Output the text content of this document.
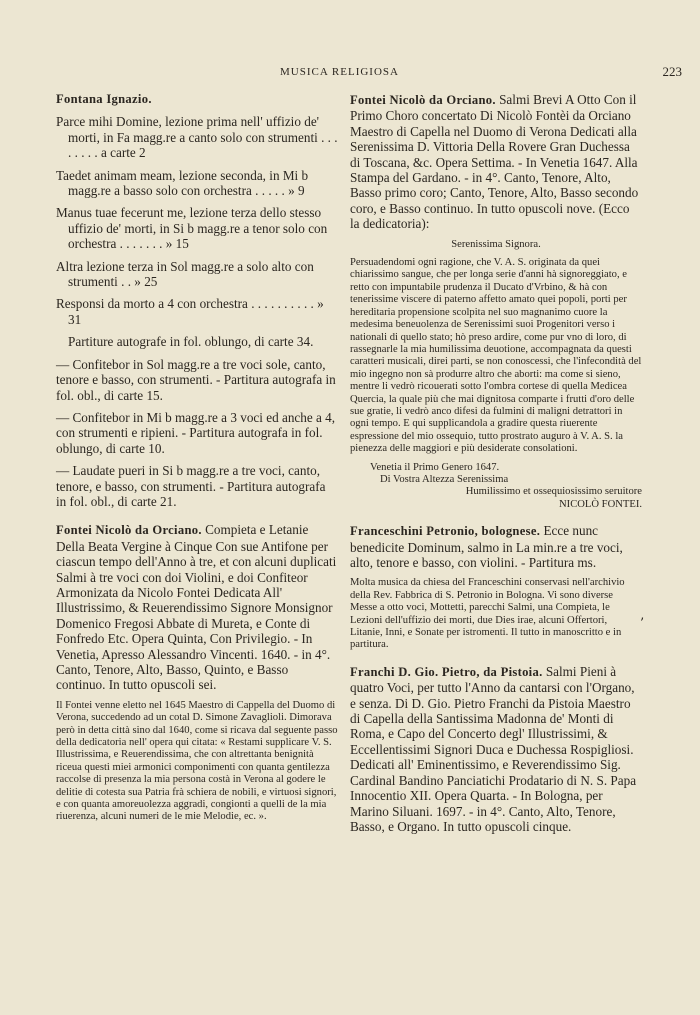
MUSICA RELIGIOSA	223
Fontana Ignazio.
Parce mihi Domine, lezione prima nell' uffizio de' morti, in Fa magg.re a canto solo con strumenti . . . . . . . . a carte 2
Taedet animam meam, lezione seconda, in Mi b magg.re a basso solo con orchestra . . . . . » 9
Manus tuae fecerunt me, lezione terza dello stesso uffizio de' morti, in Si b magg.re a tenor solo con orchestra . . . . . . . » 15
Altra lezione terza in Sol magg.re a solo alto con strumenti . . » 25
Responsi da morto a 4 con orchestra . . . . . . . . . . » 31
Partiture autografe in fol. oblungo, di carte 34.
— Confitebor in Sol magg.re a tre voci sole, canto, tenore e basso, con strumenti. - Partitura autografa in fol. obl., di carte 15.
— Confitebor in Mi b magg.re a 3 voci ed anche a 4, con strumenti e ripieni. - Partitura autografa in fol. oblungo, di carte 10.
— Laudate pueri in Si b magg.re a tre voci, canto, tenore, e basso, con strumenti. - Partitura autografa in fol. obl., di carte 21.
Fontei Nicolò da Orciano. Compieta e Letanie Della Beata Vergine à Cinque Con sue Antifone per ciascun tempo dell'Anno à tre, et con alcuni duplicati Salmi à tre voci con doi Violini, e doi Confiteor Armonizata da Nicolo Fontei Dedicata All' Illustrissimo, & Reuerendissimo Signore Monsignor Domenico Fregosi Abbate di Mureta, e Conte di Fonfredo Etc. Opera Quinta, Con Privilegio. - In Venetia, Apresso Alessandro Vincenti. 1640. - in 4°. Canto, Tenore, Alto, Basso, Quinto, e Basso continuo. In tutto opuscoli sei.
Il Fontei venne eletto nel 1645 Maestro di Cappella del Duomo di Verona, succedendo ad un cotal D. Simone Zavaglioli. Dimorava però in detta città sino dal 1640, come si ricava dal seguente passo della dedicatoria nell' opera qui citata: « Restami supplicare V. S. Illustrissima, e Reuerendissima, che con altrettanta benignità riceua questi miei armonici componimenti con quanta gentilezza raccolse di presenza la mia persona costà in Verona al godere le delitie di cotesta sua Patria frà schiera de nobili, e virtuosi signori, e con quanta amoreuolezza aggradi, congionti a quelli de la mia riuerenza, alcuni numeri de le mie Melodie, ec. ».
Fontei Nicolò da Orciano. Salmi Brevi A Otto Con il Primo Choro concertato Di Nicolò Fontèi da Orciano Maestro di Capella nel Duomo di Verona Dedicati alla Serenissima D. Vittoria Della Rovere Gran Duchessa di Toscana, &c. Opera Settima. - In Venetia 1647. Alla Stampa del Gardano. - in 4°. Canto, Tenore, Alto, Basso primo coro; Canto, Tenore, Alto, Basso secondo coro, e Basso continuo. In tutto opuscoli nove. (Ecco la dedicatoria):
Serenissima Signora.
Persuadendomi ogni ragione, che V. A. S. originata da quei chiarissimo sangue, che per longa serie d'anni hà signoreggiato, e retto con impuntabile prudenza il Ducato d'Vrbino, & hà con tenerissime viscere di paterno affetto amato quei popoli, porti per hereditaria propensione scolpita nel suo magnanimo cuore la medesima beneuolenza de Serenissimi suoi Progenitori verso i nationali di quello stato; hò preso ardire, come pur vno di loro, di rassegnarle la mia humilissima deuotione, accompagnata da questi caratteri musicali, direi parti, se non conoscessi, che l'infecondità del mio ingegno non sà produrre altro che aborti: ma come si sieno, mentre li vedrò ricouerati sotto l'ombra cortese di quella Medicea Quercia, la quale più che mai dignitosa comparte i frutti d'oro delle sue gratie, li vedrò anco difesi da fulmini di maligni detrattori in ogni tempo. E qui supplicandola a gradire questa riuerente espressione del mio ossequio, tutto prostrato auguro à V. A. S. la pienezza delle maggiori e più desiderate consolationi.
Venetia il Primo Genero 1647.
Di Vostra Altezza Serenissima
Humilissimo et ossequiosissimo seruitore
NICOLÒ FONTEI.
Franceschini Petronio, bolognese. Ecce nunc benedicite Dominum, salmo in La min.re a tre voci, alto, tenore e basso, con violini. - Partitura ms.
Molta musica da chiesa del Franceschini conservasi nell'archivio della Rev. Fabbrica di S. Petronio in Bologna. Vi sono diverse Messe a otto voci, Mottetti, parecchi Salmi, una Compieta, le Lezioni dell'uffizio dei morti, due Dies irae, alcuni Offertori, Litanie, Inni, e Sonate per istromenti. Il tutto in manoscritto e in partitura.
Franchi D. Gio. Pietro, da Pistoia. Salmi Pieni à quatro Voci, per tutto l'Anno da cantarsi con l'Organo, e senza. Di D. Gio. Pietro Franchi da Pistoia Maestro di Capella della Santissima Madonna de' Monti di Roma, e Capo del Concerto degl' Illustrissimi, & Eccellentissimi Signori Duca e Duchessa Rospigliosi. Dedicati all' Eminentissimo, e Reverendissimo Sig. Cardinal Bandino Panciatichi Prodatario di N. S. Papa Innocentio XII. Opera Quarta. - In Bologna, per Marino Siluani. 1697. - in 4°. Canto, Alto, Tenore, Basso, e Organo. In tutto opuscoli cinque.
’
